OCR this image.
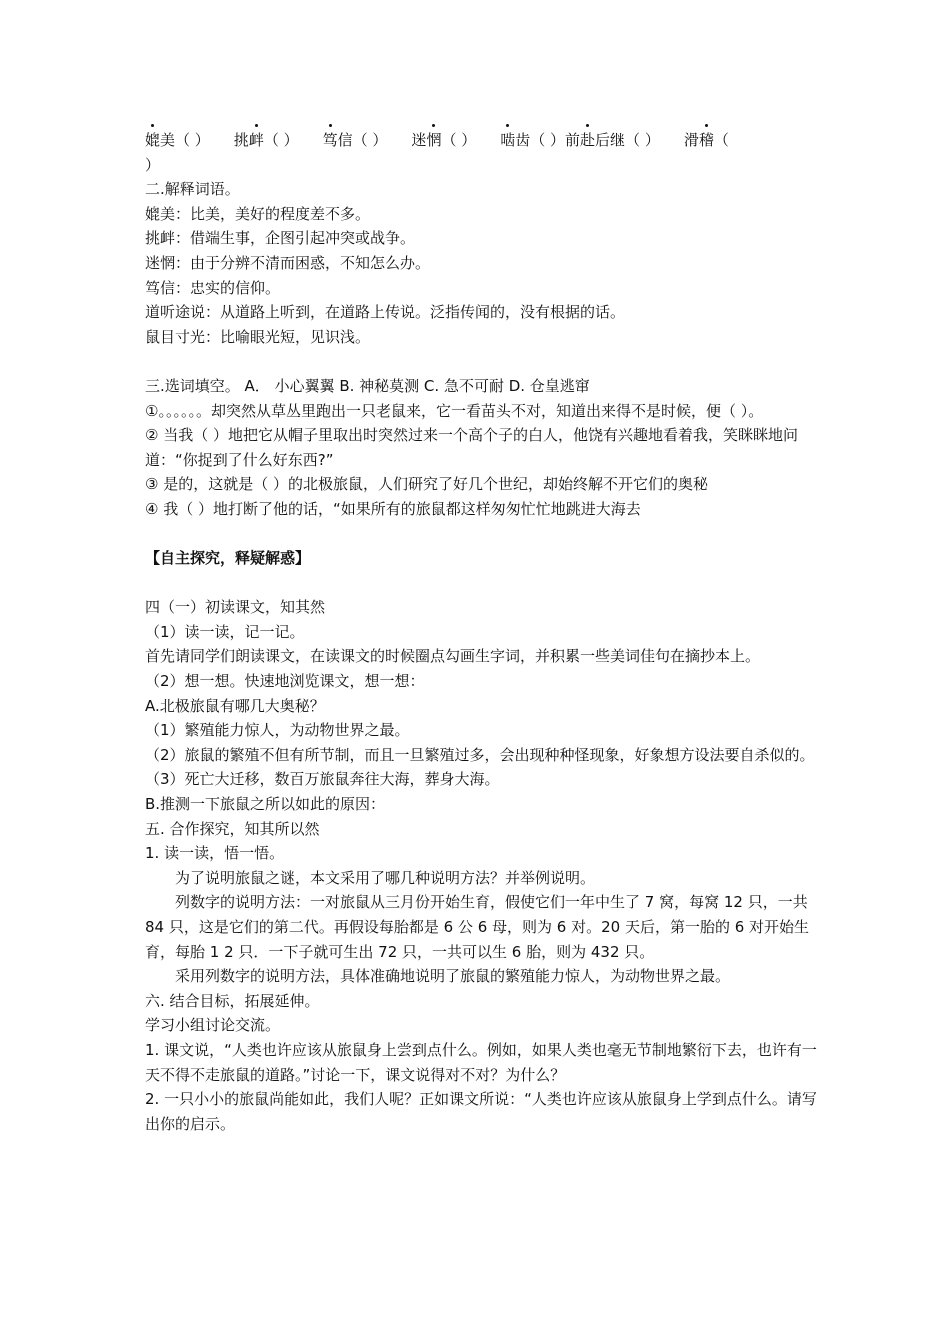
媲美（ ） 挑衅（ ） 笃信（ ） 迷惘（ ） 啮齿（ ）前赴后继（ ） 滑稽（
）
二.解释词语。
媲美：比美，美好的程度差不多。
挑衅：借端生事，企图引起冲突或战争。
迷惘：由于分辨不清而困惑，不知怎么办。
笃信：忠实的信仰。
道听途说：从道路上听到，在道路上传说。泛指传闻的，没有根据的话。
鼠目寸光：比喻眼光短，见识浅。
三.选词填空。 A． 小心翼翼 B. 神秘莫测 C. 急不可耐 D. 仓皇逃窜
①。。。。。。却突然从草丛里跑出一只老鼠来，它一看苗头不对，知道出来得不是时候，便（ ）。
② 当我（ ）地把它从帽子里取出时突然过来一个高个子的白人，他饶有兴趣地看着我，笑眯眯地问道：“你捉到了什么好东西?”
③ 是的，这就是（ ）的北极旅鼠，人们研究了好几个世纪，却始终解不开它们的奥秘
④ 我（ ）地打断了他的话，“如果所有的旅鼠都这样匆匆忙忙地跳进大海去
【自主探究，释疑解惑】
四（一）初读课文，知其然
（1）读一读，记一记。
首先请同学们朗读课文，在读课文的时候圈点勾画生字词，并积累一些美词佳句在摘抄本上。
（2）想一想。快速地浏览课文，想一想：
A.北极旅鼠有哪几大奥秘？
（1）繁殖能力惊人，为动物世界之最。
（2）旅鼠的繁殖不但有所节制，而且一旦繁殖过多，会出现种种怪现象，好象想方设法要自杀似的。
（3）死亡大迁移，数百万旅鼠奔往大海，葬身大海。
B.推测一下旅鼠之所以如此的原因：
五. 合作探究，知其所以然
1. 读一读，悟一悟。
为了说明旅鼠之谜，本文采用了哪几种说明方法？并举例说明。
列数字的说明方法：一对旅鼠从三月份开始生育，假使它们一年中生了 7 窝，每窝 12 只，一共 84 只，这是它们的第二代。再假设每胎都是 6 公 6 母，则为 6 对。20 天后，第一胎的 6 对开始生育，每胎 1 2 只．一下子就可生出 72 只，一共可以生 6 胎，则为 432 只。
采用列数字的说明方法，具体准确地说明了旅鼠的繁殖能力惊人，为动物世界之最。
六. 结合目标，拓展延伸。
学习小组讨论交流。
1. 课文说，“人类也许应该从旅鼠身上尝到点什么。例如，如果人类也毫无节制地繁衍下去，也许有一天不得不走旅鼠的道路。”讨论一下，课文说得对不对？为什么？
2. 一只小小的旅鼠尚能如此，我们人呢？正如课文所说：“人类也许应该从旅鼠身上学到点什么。请写出你的启示。
